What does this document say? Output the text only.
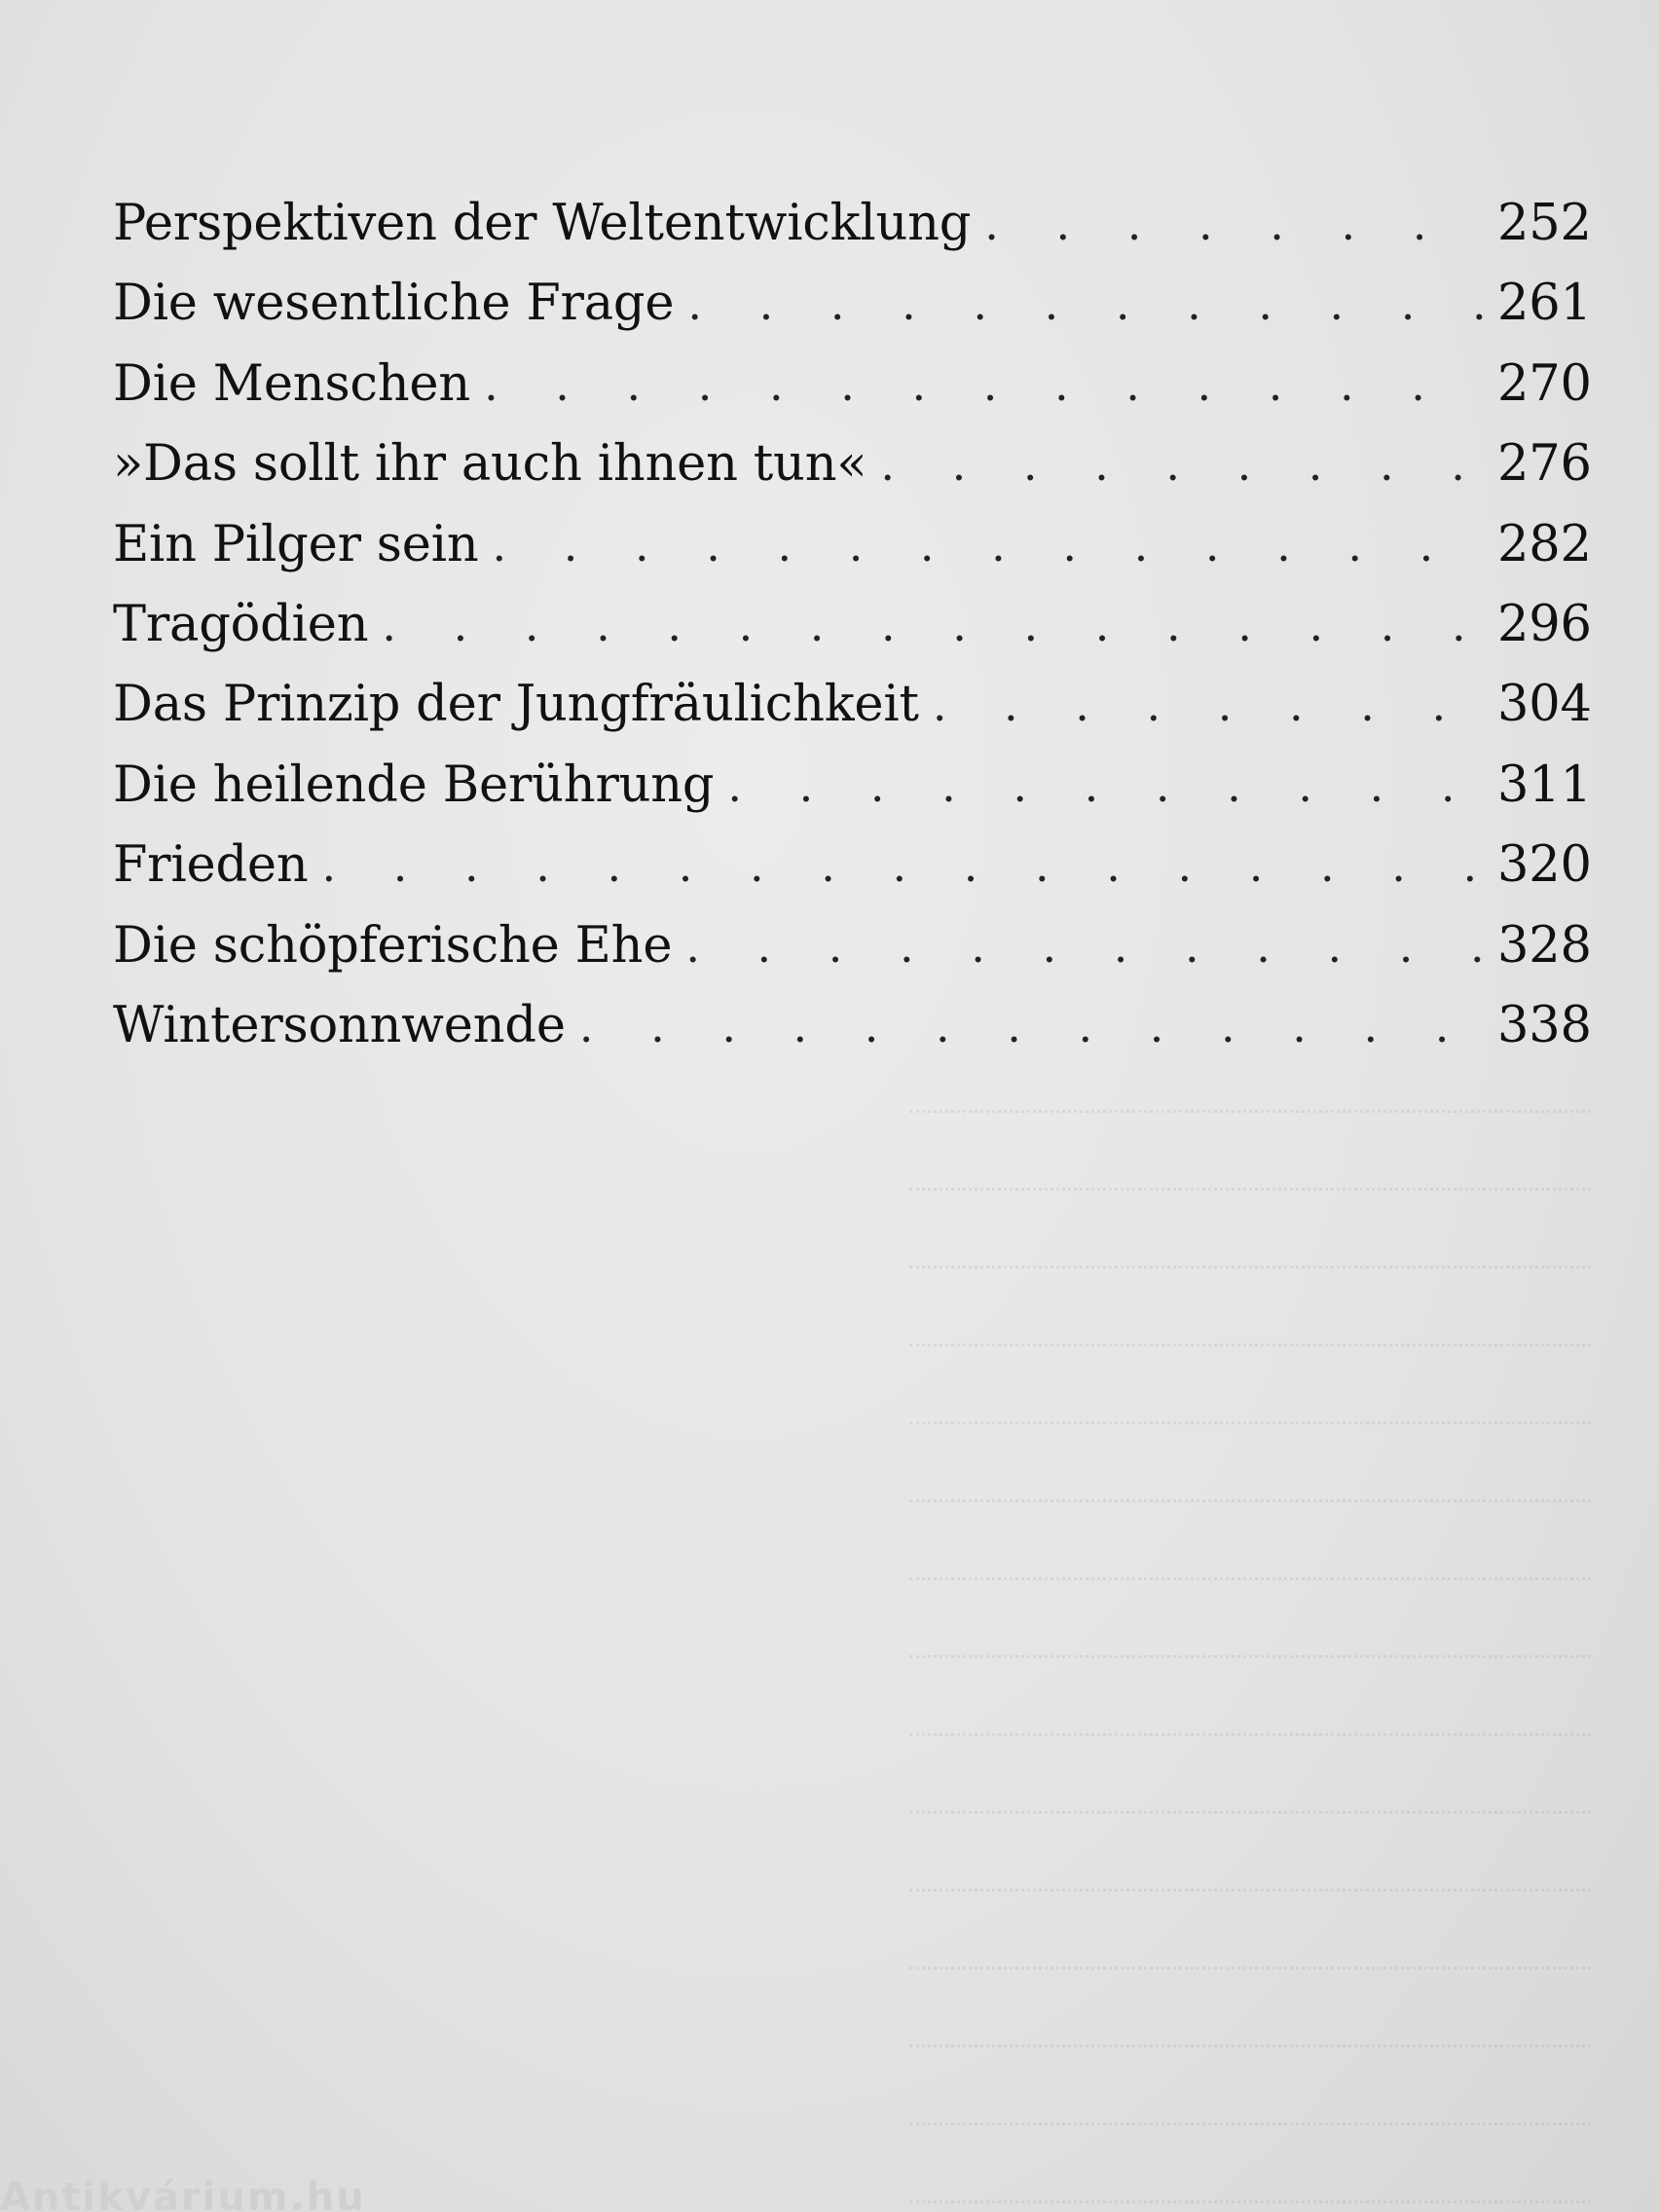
Perspektiven der Weltentwicklung . . .	252
Die wesentliche Frage . . .	261
Die Menschen . . .	270
»Das sollt ihr auch ihnen tun« . . .	276
Ein Pilger sein . . .	282
Tragödien . . .	296
Das Prinzip der Jungfräulichkeit . . .	304
Die heilende Berührung . . .	311
Frieden . . .	320
Die schöpferische Ehe . . .	328
Wintersonnwende . . .	338
Antikvárium.hu
